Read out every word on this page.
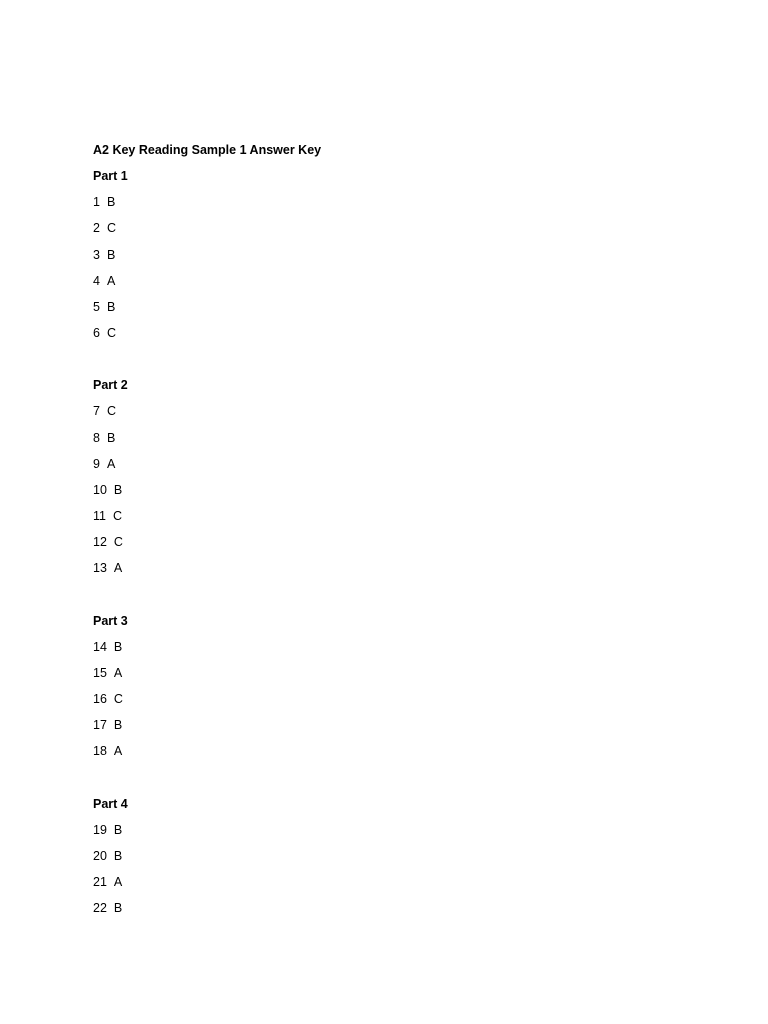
A2 Key Reading Sample 1 Answer Key
Part 1
1 B
2 C
3 B
4 A
5 B
6 C
Part 2
7 C
8 B
9 A
10 B
11 C
12 C
13 A
Part 3
14 B
15 A
16 C
17 B
18 A
Part 4
19 B
20 B
21 A
22 B
